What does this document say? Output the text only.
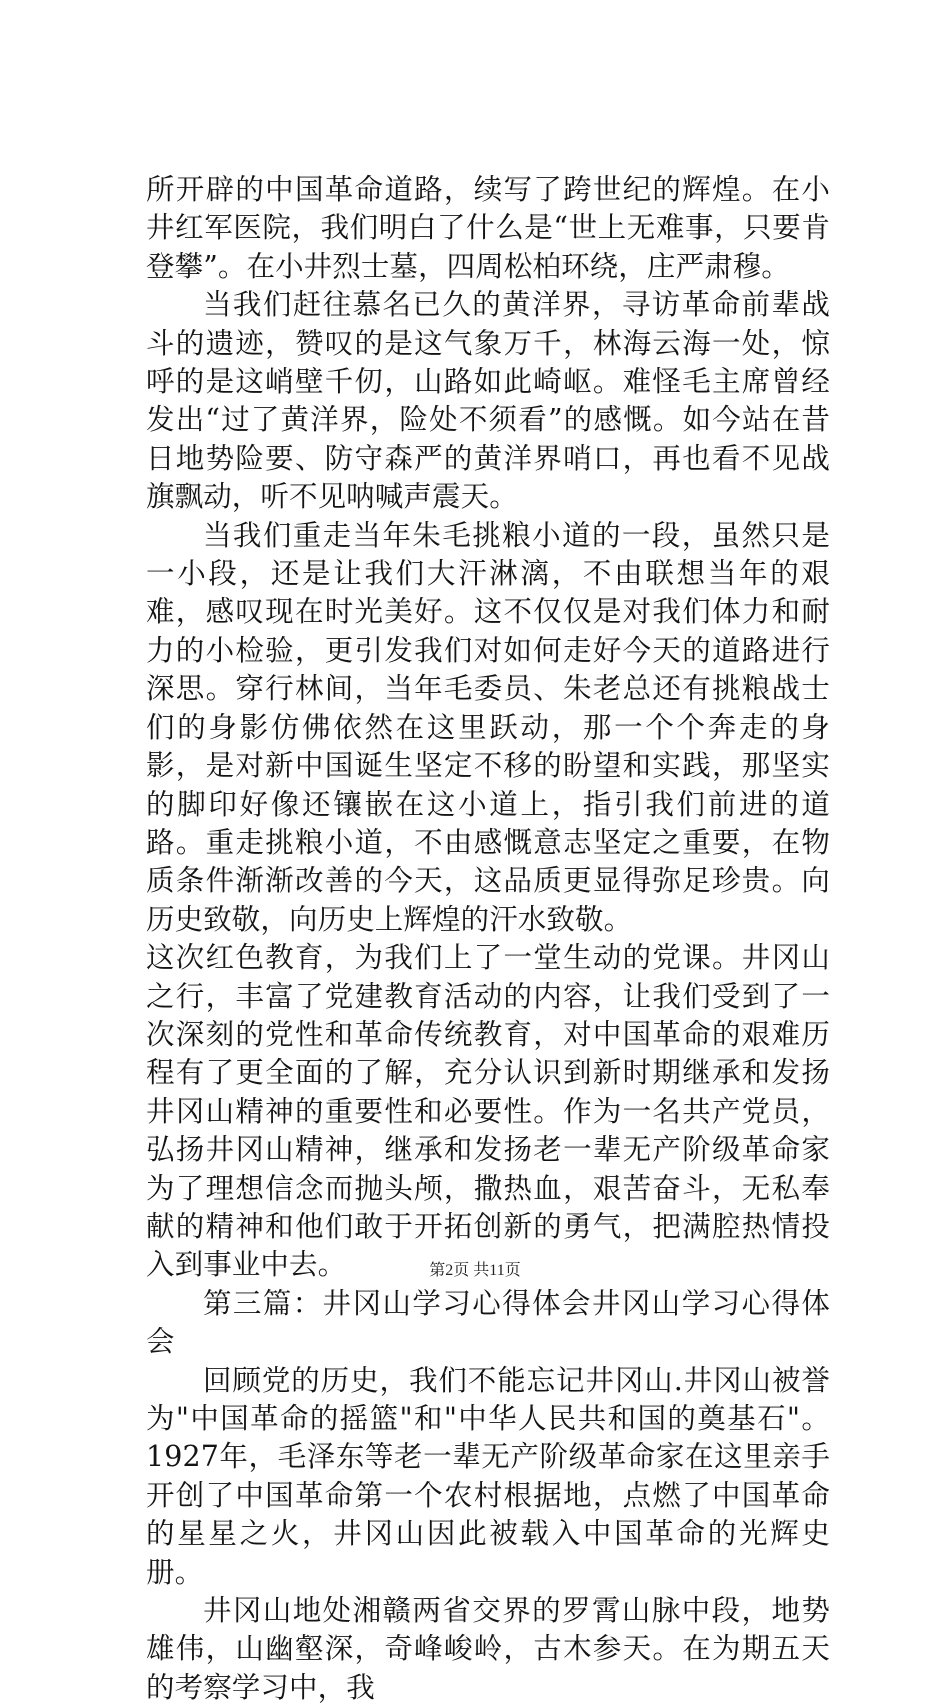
所开辟的中国革命道路，续写了跨世纪的辉煌。在小井红军医院，我们明白了什么是“世上无难事，只要肯登攀”。在小井烈士墓，四周松柏环绕，庄严肃穆。

当我们赶往慕名已久的黄洋界，寻访革命前辈战斗的遗迹，赞叹的是这气象万千，林海云海一处，惊呼的是这峭壁千仞，山路如此崎岖。难怪毛主席曾经发出“过了黄洋界，险处不须看”的感慨。如今站在昔日地势险要、防守森严的黄洋界哨口，再也看不见战旗飘动，听不见呐喊声震天。

当我们重走当年朱毛挑粮小道的一段，虽然只是一小段，还是让我们大汗淋漓，不由联想当年的艰难，感叹现在时光美好。这不仅仅是对我们体力和耐力的小检验，更引发我们对如何走好今天的道路进行深思。穿行林间，当年毛委员、朱老总还有挑粮战士们的身影仿佛依然在这里跃动，那一个个奔走的身影，是对新中国诞生坚定不移的盼望和实践，那坚实的脚印好像还镶嵌在这小道上，指引我们前进的道路。重走挑粮小道，不由感慨意志坚定之重要，在物质条件渐渐改善的今天，这品质更显得弥足珍贵。向历史致敬，向历史上辉煌的汗水致敬。

这次红色教育，为我们上了一堂生动的党课。井冈山之行，丰富了党建教育活动的内容，让我们受到了一次深刻的党性和革命传统教育，对中国革命的艰难历程有了更全面的了解，充分认识到新时期继承和发扬井冈山精神的重要性和必要性。作为一名共产党员，弘扬井冈山精神，继承和发扬老一辈无产阶级革命家为了理想信念而抛头颅，撒热血，艰苦奋斗，无私奉献的精神和他们敢于开拓创新的勇气，把满腔热情投入到事业中去。

第三篇：井冈山学习心得体会井冈山学习心得体会

回顾党的历史，我们不能忘记井冈山.井冈山被誉为"中国革命的摇篮"和"中华人民共和国的奠基石"。1927年，毛泽东等老一辈无产阶级革命家在这里亲手开创了中国革命第一个农村根据地，点燃了中国革命的星星之火，井冈山因此被载入中国革命的光辉史册。

井冈山地处湘赣两省交界的罗霄山脉中段，地势雄伟，山幽壑深，奇峰峻岭，古木参天。在为期五天的考察学习中，我

第2页 共11页
